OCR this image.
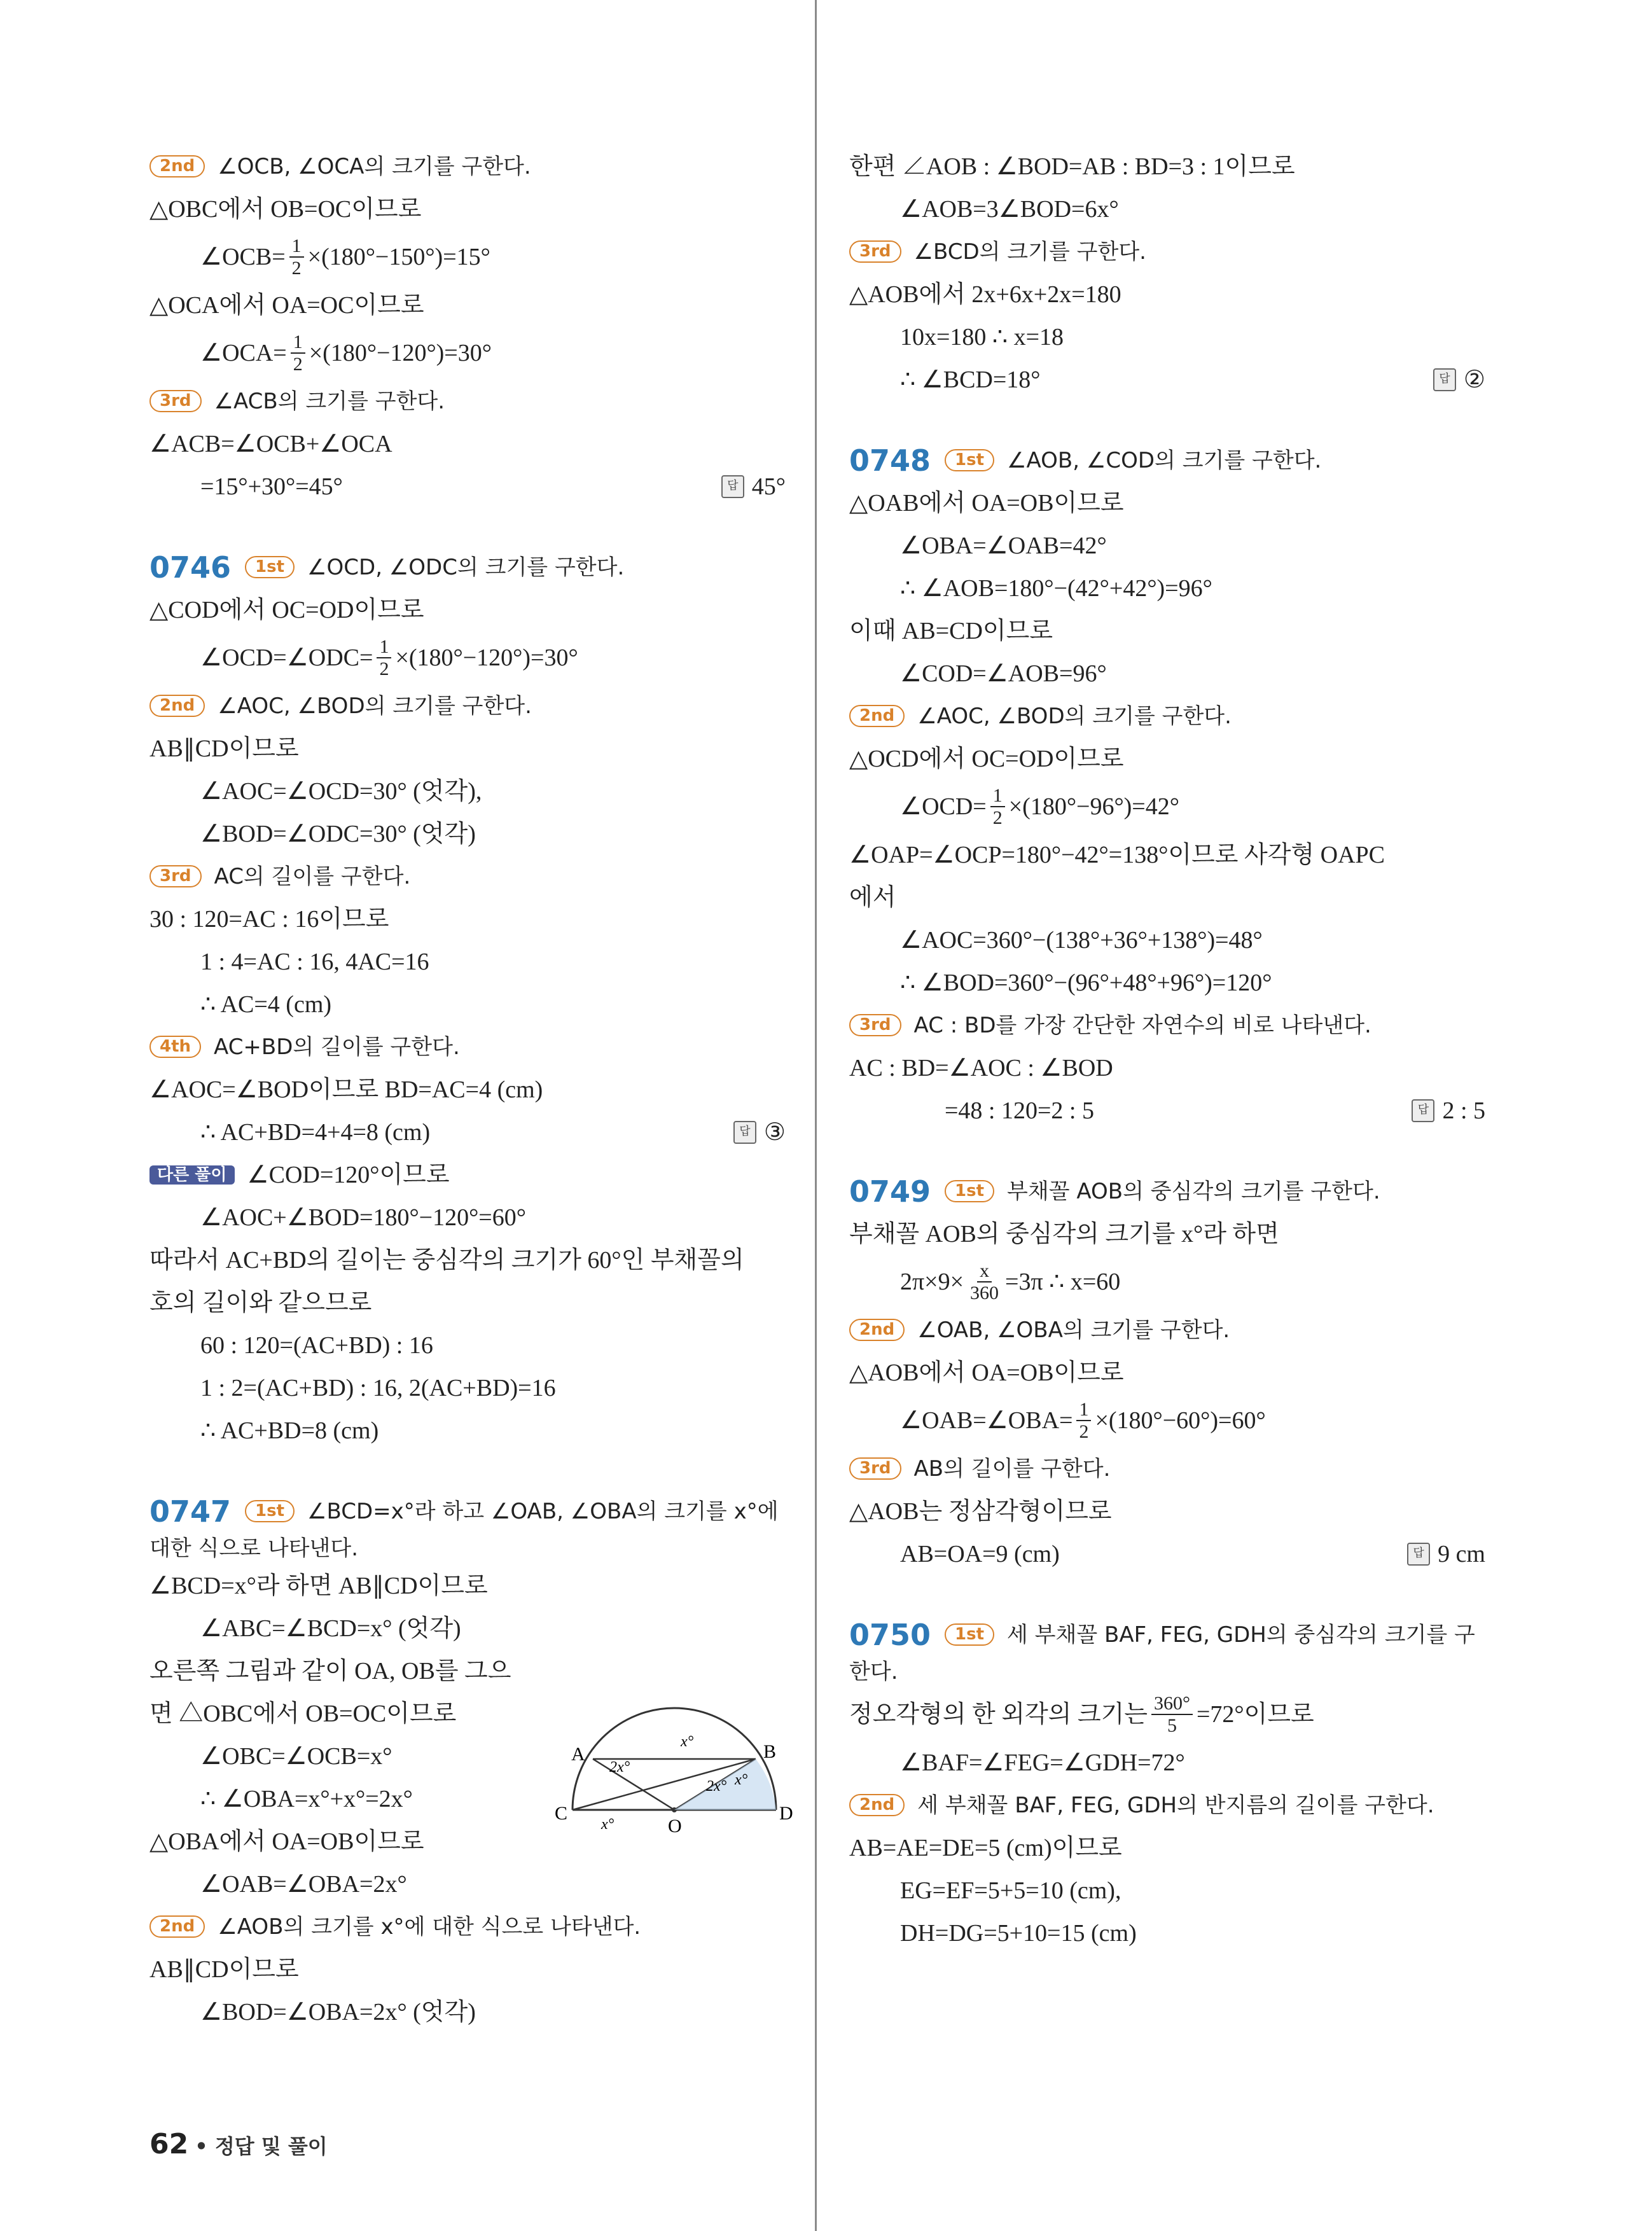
2nd	∠OCB, ∠OCA의 크기를 구한다.
△OBC에서 OB=OC이므로
∠OCB= $\frac{1}{2} \times(180^\circ-150^\circ)=15^\circ$
△OCA에서 OA=OC이므로
∠OCA= $\frac{1}{2} \times(180^\circ-120^\circ)=30^\circ$
3rd	∠ACB의 크기를 구한다.
∠ACB=∠OCB+∠OCA
=15°+30°=45°	답 45°
0746	1st	∠OCD, ∠ODC의 크기를 구한다.
△COD에서 OC=OD이므로
∠OCD=∠ODC= $\frac{1}{2} \times(180^\circ-120^\circ)=30^\circ$
2nd	∠AOC, ∠BOD의 크기를 구한다.
AB∥CD이므로
∠AOC=∠OCD=30° (엇각),
∠BOD=∠ODC=30° (엇각)
3rd	AC의 길이를 구한다.
30 : 120=AC : 16이므로
1 : 4=AC : 16, 4AC=16
∴ AC=4 (cm)
4th	AC+BD의 길이를 구한다.
∠AOC=∠BOD이므로 BD=AC=4 (cm)
∴ AC+BD=4+4=8 (cm)	답 ③
다른 풀이 ∠COD=120°이므로
∠AOC+∠BOD=180°−120°=60°
따라서 AC+BD의 길이는 중심각의 크기가 60°인 부채꼴의
호의 길이와 같으므로
60 : 120=(AC+BD) : 16
1 : 2=(AC+BD) : 16, 2(AC+BD)=16
∴ AC+BD=8 (cm)
0747	1st	∠BCD=x°라 하고 ∠OAB, ∠OBA의 크기를 x°에
대한 식으로 나타낸다.
∠BCD=x°라 하면 AB∥CD이므로
∠ABC=∠BCD=x° (엇각)
오른쪽 그림과 같이 OA, OB를 그으
면 △OBC에서 OB=OC이므로
∠OBC=∠OCB=x°
∴ ∠OBA=x°+x°=2x°
△OBA에서 OA=OB이므로
∠OAB=∠OBA=2x°
2nd	∠AOB의 크기를 x°에 대한 식으로 나타낸다.
AB∥CD이므로
∠BOD=∠OBA=2x° (엇각)
A	B
C	D
O
x°
2x°
2x° x°
x°
한편 ∠AOB : ∠BOD=AB : BD=3 : 1이므로
∠AOB=3∠BOD=6x°
3rd	∠BCD의 크기를 구한다.
△AOB에서 2x+6x+2x=180
10x=180 ∴ x=18
∴ ∠BCD=18°	답 ②
0748	1st	∠AOB, ∠COD의 크기를 구한다.
△OAB에서 OA=OB이므로
∠OBA=∠OAB=42°
∴ ∠AOB=180°−(42°+42°)=96°
이때 AB=CD이므로
∠COD=∠AOB=96°
2nd	∠AOC, ∠BOD의 크기를 구한다.
△OCD에서 OC=OD이므로
∠OCD= $\frac{1}{2} \times(180^\circ-96^\circ)=42^\circ$
∠OAP=∠OCP=180°−42°=138°이므로 사각형 OAPC
에서
∠AOC=360°−(138°+36°+138°)=48°
∴ ∠BOD=360°−(96°+48°+96°)=120°
3rd	AC : BD를 가장 간단한 자연수의 비로 나타낸다.
AC : BD=∠AOC : ∠BOD
=48 : 120=2 : 5	답 2 : 5
0749	1st	부채꼴 AOB의 중심각의 크기를 구한다.
부채꼴 AOB의 중심각의 크기를 x°라 하면
$2\pi\times 9\times \frac{x}{360} =3\pi$ ∴ x=60
2nd	∠OAB, ∠OBA의 크기를 구한다.
△AOB에서 OA=OB이므로
∠OAB=∠OBA= $\frac{1}{2} \times(180^\circ-60^\circ)=60^\circ$
3rd	AB의 길이를 구한다.
△AOB는 정삼각형이므로
AB=OA=9 (cm)	답 9 cm
0750	1st	세 부채꼴 BAF, FEG, GDH의 중심각의 크기를 구
한다.
정오각형의 한 외각의 크기는 $\frac{360^\circ}{5} =72^\circ$이므로
∠BAF=∠FEG=∠GDH=72°
2nd	세 부채꼴 BAF, FEG, GDH의 반지름의 길이를 구한다.
AB=AE=DE=5 (cm)이므로
EG=EF=5+5=10 (cm),
DH=DG=5+10=15 (cm)
62 • 정답 및 풀이
